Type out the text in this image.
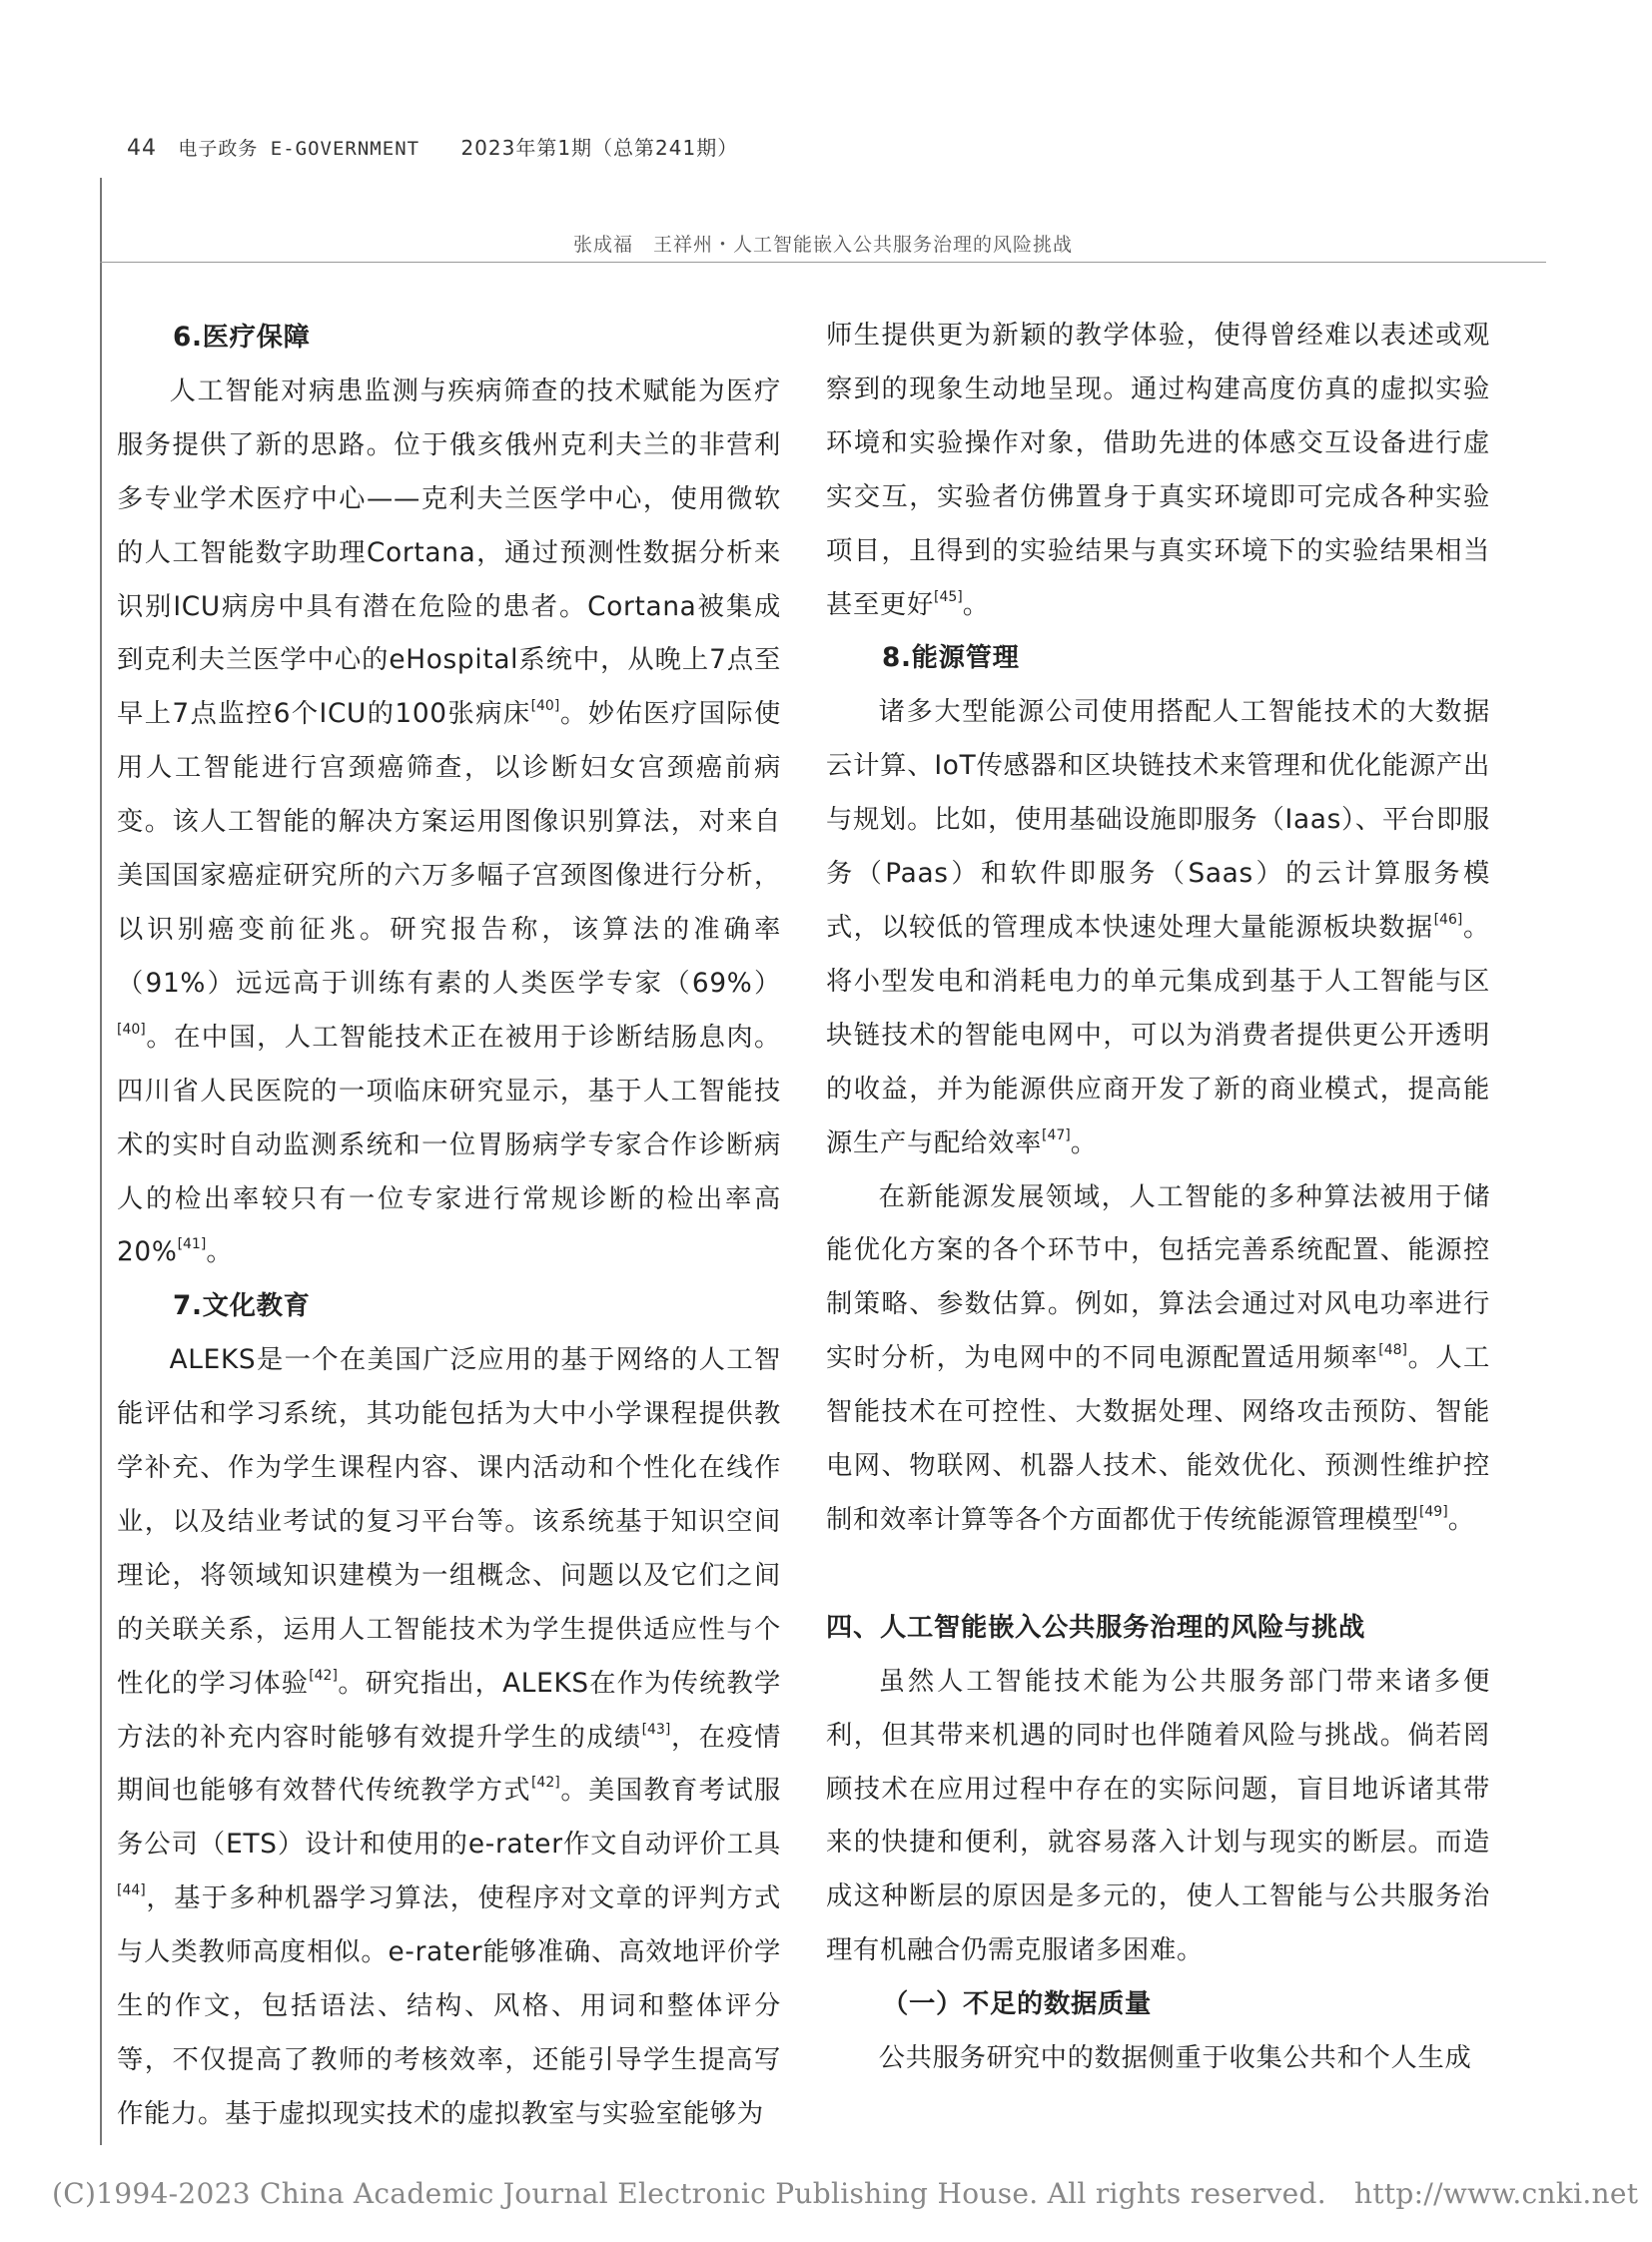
44 电子政务 E-GOVERNMENT 2023年第1期（总第241期）
张成福　王祥州・人工智能嵌入公共服务治理的风险挑战
6.医疗保障

人工智能对病患监测与疾病筛查的技术赋能为医疗服务提供了新的思路。位于俄亥俄州克利夫兰的非营利多专业学术医疗中心——克利夫兰医学中心，使用微软的人工智能数字助理Cortana，通过预测性数据分析来识别ICU病房中具有潜在危险的患者。Cortana被集成到克利夫兰医学中心的eHospital系统中，从晚上7点至早上7点监控6个ICU的100张病床[40]。妙佑医疗国际使用人工智能进行宫颈癌筛查，以诊断妇女宫颈癌前病变。该人工智能的解决方案运用图像识别算法，对来自美国国家癌症研究所的六万多幅子宫颈图像进行分析，以识别癌变前征兆。研究报告称，该算法的准确率（91%）远远高于训练有素的人类医学专家（69%）[40]。在中国，人工智能技术正在被用于诊断结肠息肉。四川省人民医院的一项临床研究显示，基于人工智能技术的实时自动监测系统和一位胃肠病学专家合作诊断病人的检出率较只有一位专家进行常规诊断的检出率高20%[41]。

7.文化教育

ALEKS是一个在美国广泛应用的基于网络的人工智能评估和学习系统，其功能包括为大中小学课程提供教学补充、作为学生课程内容、课内活动和个性化在线作业，以及结业考试的复习平台等。该系统基于知识空间理论，将领域知识建模为一组概念、问题以及它们之间的关联关系，运用人工智能技术为学生提供适应性与个性化的学习体验[42]。研究指出，ALEKS在作为传统教学方法的补充内容时能够有效提升学生的成绩[43]，在疫情期间也能够有效替代传统教学方式[42]。美国教育考试服务公司（ETS）设计和使用的e-rater作文自动评价工具[44]，基于多种机器学习算法，使程序对文章的评判方式与人类教师高度相似。e-rater能够准确、高效地评价学生的作文，包括语法、结构、风格、用词和整体评分等，不仅提高了教师的考核效率，还能引导学生提高写作能力。基于虚拟现实技术的虚拟教室与实验室能够为

师生提供更为新颖的教学体验，使得曾经难以表述或观察到的现象生动地呈现。通过构建高度仿真的虚拟实验环境和实验操作对象，借助先进的体感交互设备进行虚实交互，实验者仿佛置身于真实环境即可完成各种实验项目，且得到的实验结果与真实环境下的实验结果相当甚至更好[45]。

8.能源管理

诸多大型能源公司使用搭配人工智能技术的大数据云计算、IoT传感器和区块链技术来管理和优化能源产出与规划。比如，使用基础设施即服务（Iaas）、平台即服务（Paas）和软件即服务（Saas）的云计算服务模式，以较低的管理成本快速处理大量能源板块数据[46]。将小型发电和消耗电力的单元集成到基于人工智能与区块链技术的智能电网中，可以为消费者提供更公开透明的收益，并为能源供应商开发了新的商业模式，提高能源生产与配给效率[47]。

在新能源发展领域，人工智能的多种算法被用于储能优化方案的各个环节中，包括完善系统配置、能源控制策略、参数估算。例如，算法会通过对风电功率进行实时分析，为电网中的不同电源配置适用频率[48]。人工智能技术在可控性、大数据处理、网络攻击预防、智能电网、物联网、机器人技术、能效优化、预测性维护控制和效率计算等各个方面都优于传统能源管理模型[49]。

四、人工智能嵌入公共服务治理的风险与挑战

虽然人工智能技术能为公共服务部门带来诸多便利，但其带来机遇的同时也伴随着风险与挑战。倘若罔顾技术在应用过程中存在的实际问题，盲目地诉诸其带来的快捷和便利，就容易落入计划与现实的断层。而造成这种断层的原因是多元的，使人工智能与公共服务治理有机融合仍需克服诸多困难。

（一）不足的数据质量

公共服务研究中的数据侧重于收集公共和个人生成

(C)1994-2023 China Academic Journal Electronic Publishing House. All rights reserved. http://www.cnki.net
